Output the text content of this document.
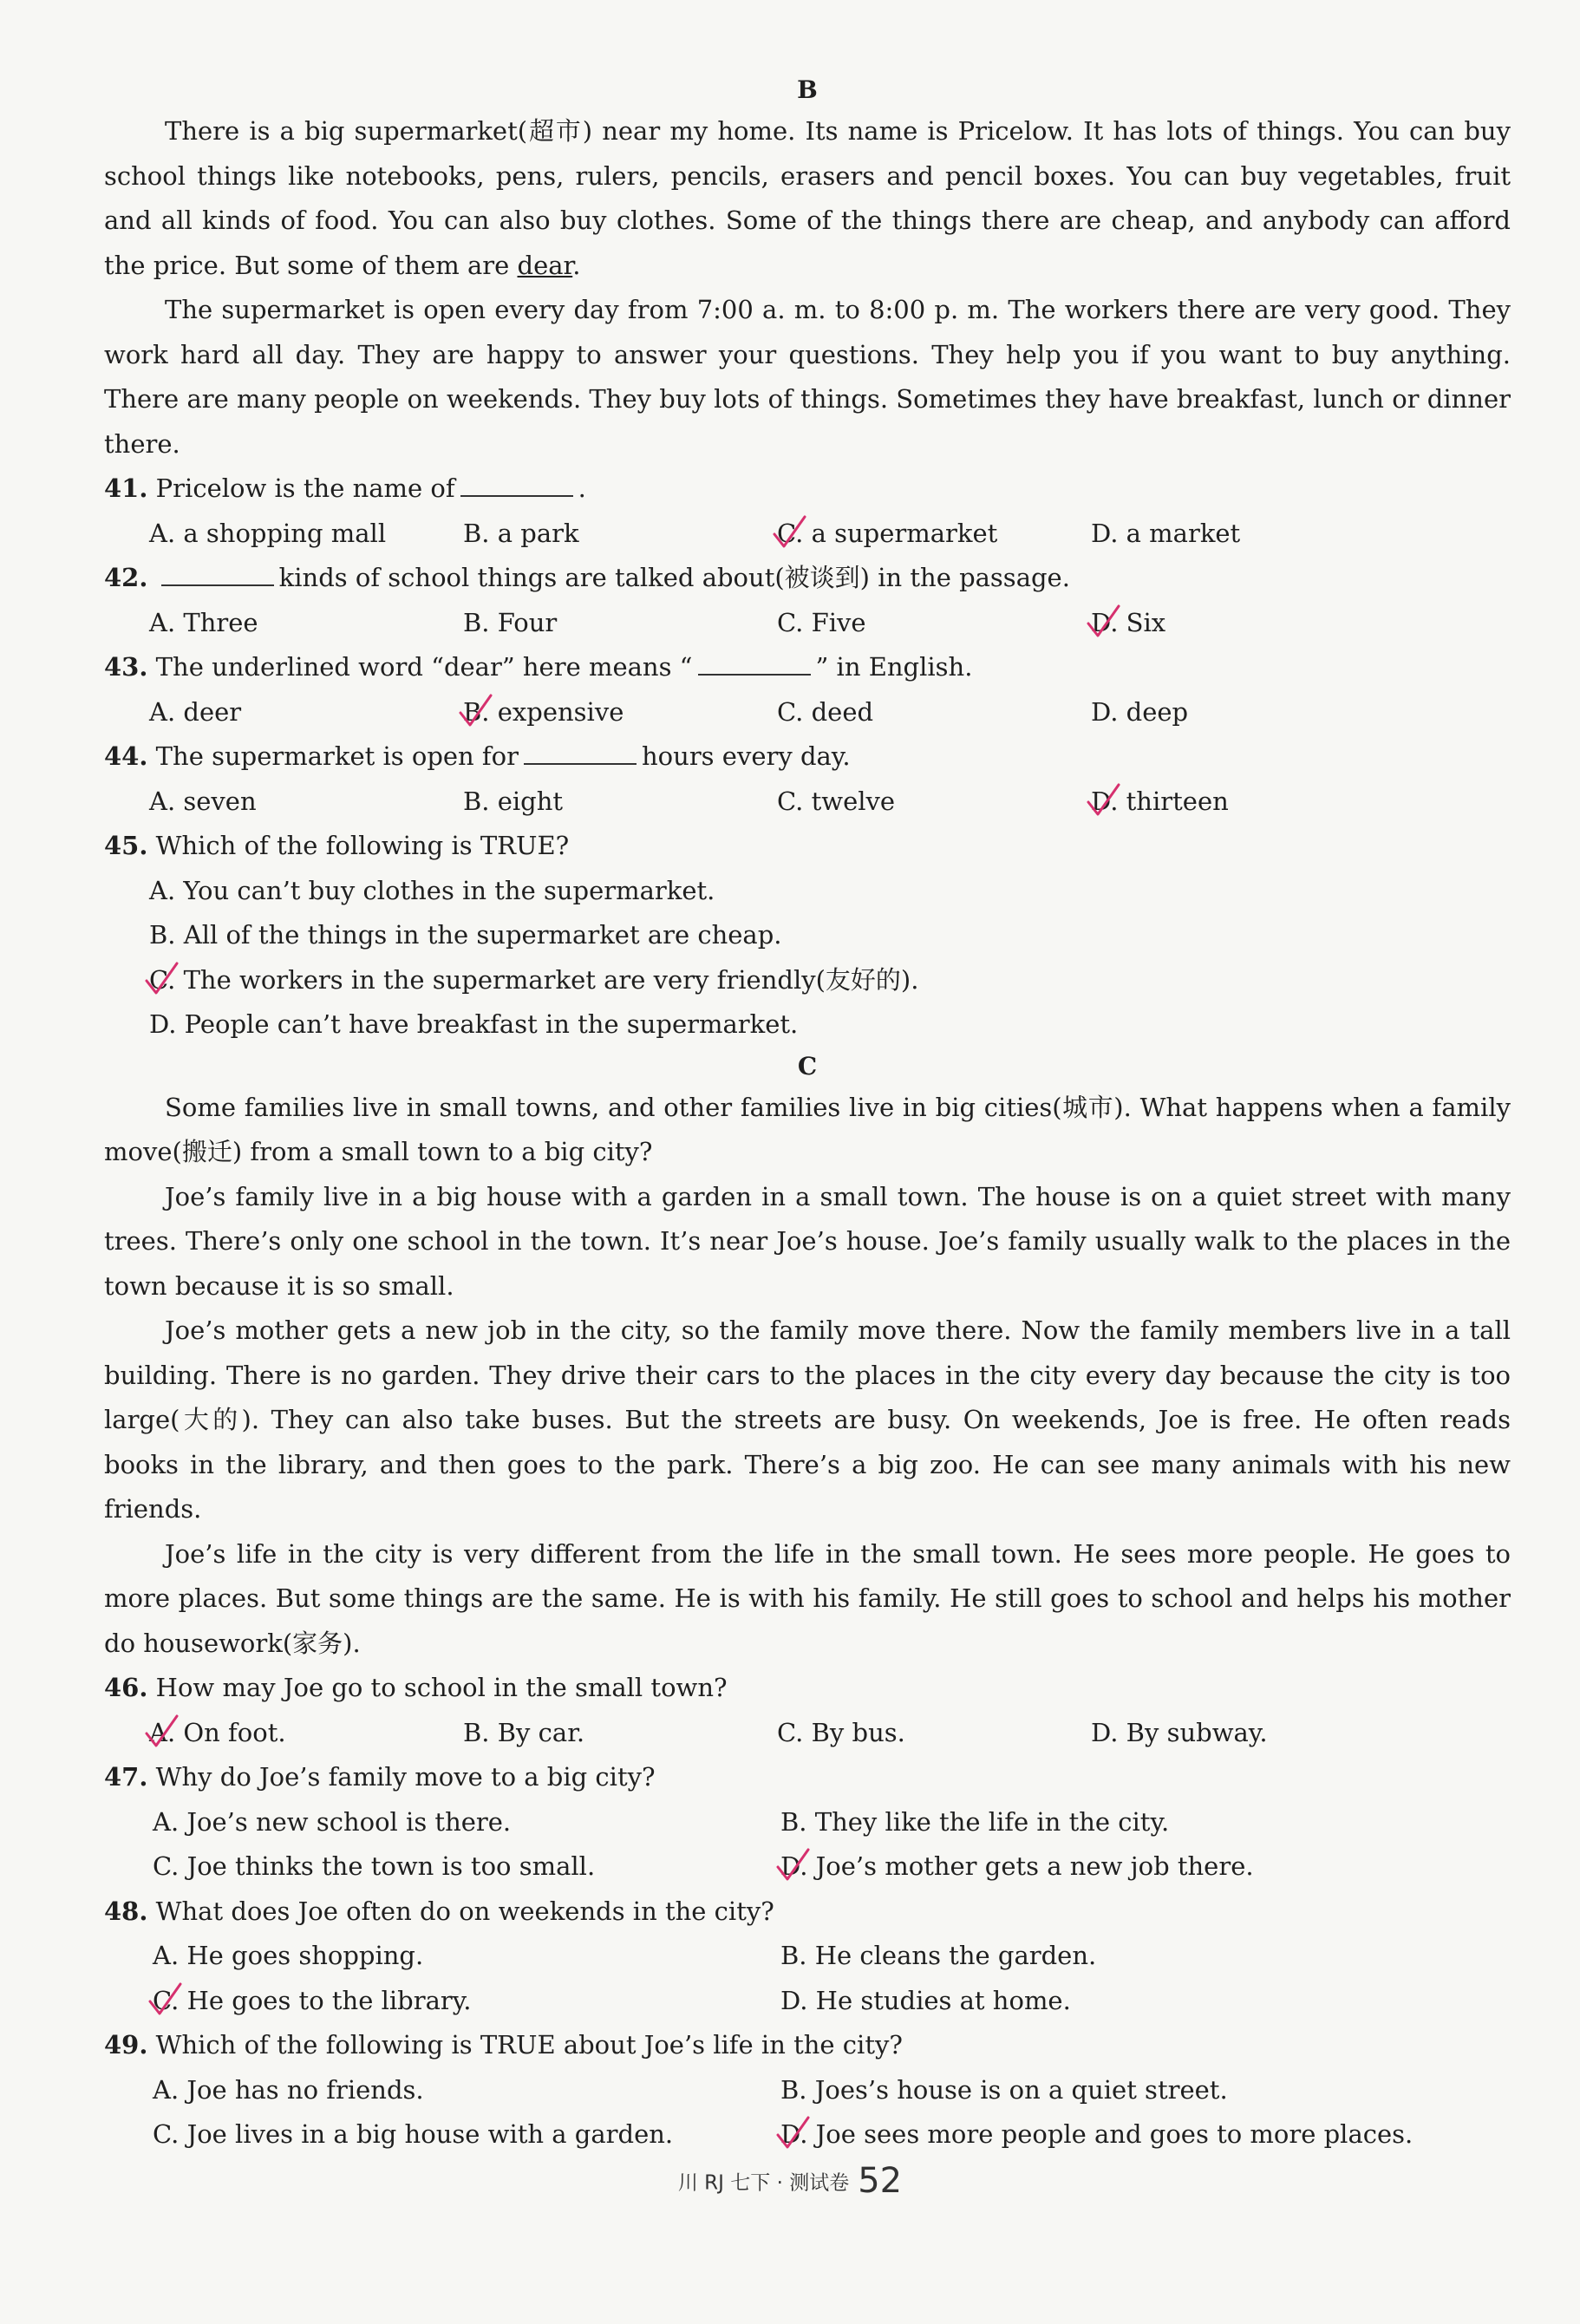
B

There is a big supermarket(超市) near my home. Its name is Pricelow. It has lots of things. You can buy school things like notebooks, pens, rulers, pencils, erasers and pencil boxes. You can buy vegetables, fruit and all kinds of food. You can also buy clothes. Some of the things there are cheap, and anybody can afford the price. But some of them are dear.

The supermarket is open every day from 7:00 a. m. to 8:00 p. m. The workers there are very good. They work hard all day. They are happy to answer your questions. They help you if you want to buy anything. There are many people on weekends. They buy lots of things. Sometimes they have breakfast, lunch or dinner there.

41. Pricelow is the name of	.

A. a shopping mall	B. a park	C. a supermarket	D. a market

42.	kinds of school things are talked about(被谈到) in the passage.

A. Three	B. Four	C. Five	D. Six

43. The underlined word “dear” here means “	” in English.

A. deer	B. expensive	C. deed	D. deep

44. The supermarket is open for	hours every day.

A. seven	B. eight	C. twelve	D. thirteen

45. Which of the following is TRUE?

A. You can’t buy clothes in the supermarket.
B. All of the things in the supermarket are cheap.
C. The workers in the supermarket are very friendly(友好的).
D. People can’t have breakfast in the supermarket.
C

Some families live in small towns, and other families live in big cities(城市). What happens when a family move(搬迁) from a small town to a big city?

Joe’s family live in a big house with a garden in a small town. The house is on a quiet street with many trees. There’s only one school in the town. It’s near Joe’s house. Joe’s family usually walk to the places in the town because it is so small.

Joe’s mother gets a new job in the city, so the family move there. Now the family members live in a tall building. There is no garden. They drive their cars to the places in the city every day because the city is too large(大的). They can also take buses. But the streets are busy. On weekends, Joe is free. He often reads books in the library, and then goes to the park. There’s a big zoo. He can see many animals with his new friends.

Joe’s life in the city is very different from the life in the small town. He sees more people. He goes to more places. But some things are the same. He is with his family. He still goes to school and helps his mother do housework(家务).

46. How may Joe go to school in the small town?

A. On foot.	B. By car.	C. By bus.	D. By subway.

47. Why do Joe’s family move to a big city?

A. Joe’s new school is there.	B. They like the life in the city.
C. Joe thinks the town is too small.	D. Joe’s mother gets a new job there.

48. What does Joe often do on weekends in the city?

A. He goes shopping.	B. He cleans the garden.
C. He goes to the library.	D. He studies at home.

49. Which of the following is TRUE about Joe’s life in the city?

A. Joe has no friends.	B. Joes’s house is on a quiet street.
C. Joe lives in a big house with a garden.	D. Joe sees more people and goes to more places.
川 RJ 七下 · 测试卷 52
